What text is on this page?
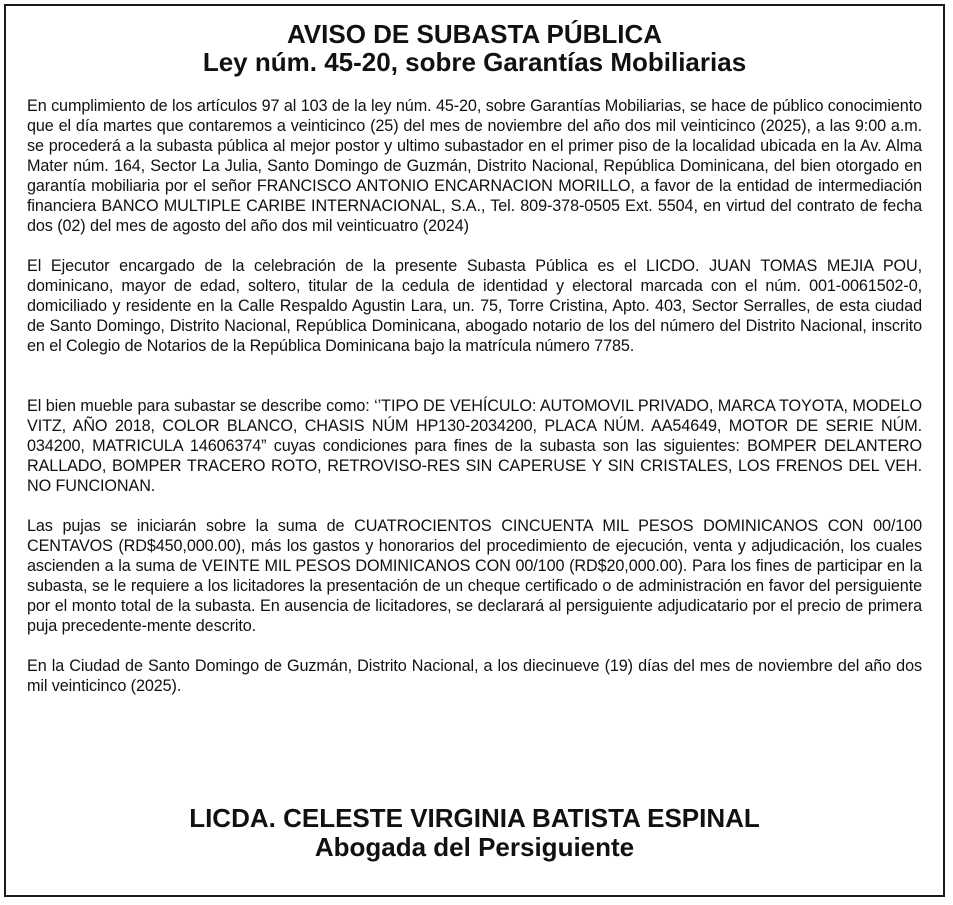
AVISO DE SUBASTA PÚBLICA
Ley núm. 45-20, sobre Garantías Mobiliarias

En cumplimiento de los artículos 97 al 103 de la ley núm. 45-20, sobre Garantías Mobiliarias, se hace de público conocimiento que el día martes que contaremos a veinticinco (25) del mes de noviembre del año dos mil veinticinco (2025), a las 9:00 a.m. se procederá a la subasta pública al mejor postor y ultimo subastador en el primer piso de la localidad ubicada en la Av. Alma Mater núm. 164, Sector La Julia, Santo Domingo de Guzmán, Distrito Nacional, República Dominicana, del bien otorgado en garantía mobiliaria por el señor FRANCISCO ANTONIO ENCARNACION MORILLO, a favor de la entidad de intermediación financiera BANCO MULTIPLE CARIBE INTERNACIONAL, S.A., Tel. 809-378-0505 Ext. 5504, en virtud del contrato de fecha dos (02) del mes de agosto del año dos mil veinticuatro (2024)

El Ejecutor encargado de la celebración de la presente Subasta Pública es el LICDO. JUAN TOMAS MEJIA POU, dominicano, mayor de edad, soltero, titular de la cedula de identidad y electoral marcada con el núm. 001-0061502-0, domiciliado y residente en la Calle Respaldo Agustin Lara, un. 75, Torre Cristina, Apto. 403, Sector Serralles, de esta ciudad de Santo Domingo, Distrito Nacional, República Dominicana, abogado notario de los del número del Distrito Nacional, inscrito en el Colegio de Notarios de la República Dominicana bajo la matrícula número 7785.

El bien mueble para subastar se describe como: ‘’TIPO DE VEHÍCULO: AUTOMOVIL PRIVADO, MARCA TOYOTA, MODELO VITZ, AÑO 2018, COLOR BLANCO, CHASIS NÚM HP130-2034200, PLACA NÚM. AA54649, MOTOR DE SERIE NÚM. 034200, MATRICULA 14606374” cuyas condiciones para fines de la subasta son las siguientes: BOMPER DELANTERO RALLADO, BOMPER TRACERO ROTO, RETROVISO-RES SIN CAPERUSE Y SIN CRISTALES, LOS FRENOS DEL VEH. NO FUNCIONAN.

Las pujas se iniciarán sobre la suma de CUATROCIENTOS CINCUENTA MIL PESOS DOMINICANOS CON 00/100 CENTAVOS (RD$450,000.00), más los gastos y honorarios del procedimiento de ejecución, venta y adjudicación, los cuales ascienden a la suma de VEINTE MIL PESOS DOMINICANOS CON 00/100 (RD$20,000.00). Para los fines de participar en la subasta, se le requiere a los licitadores la presentación de un cheque certificado o de administración en favor del persiguiente por el monto total de la subasta. En ausencia de licitadores, se declarará al persiguiente adjudicatario por el precio de primera puja precedente-mente descrito.

En la Ciudad de Santo Domingo de Guzmán, Distrito Nacional, a los diecinueve (19) días del mes de noviembre del año dos mil veinticinco (2025).

LICDA. CELESTE VIRGINIA BATISTA ESPINAL

Abogada del Persiguiente
